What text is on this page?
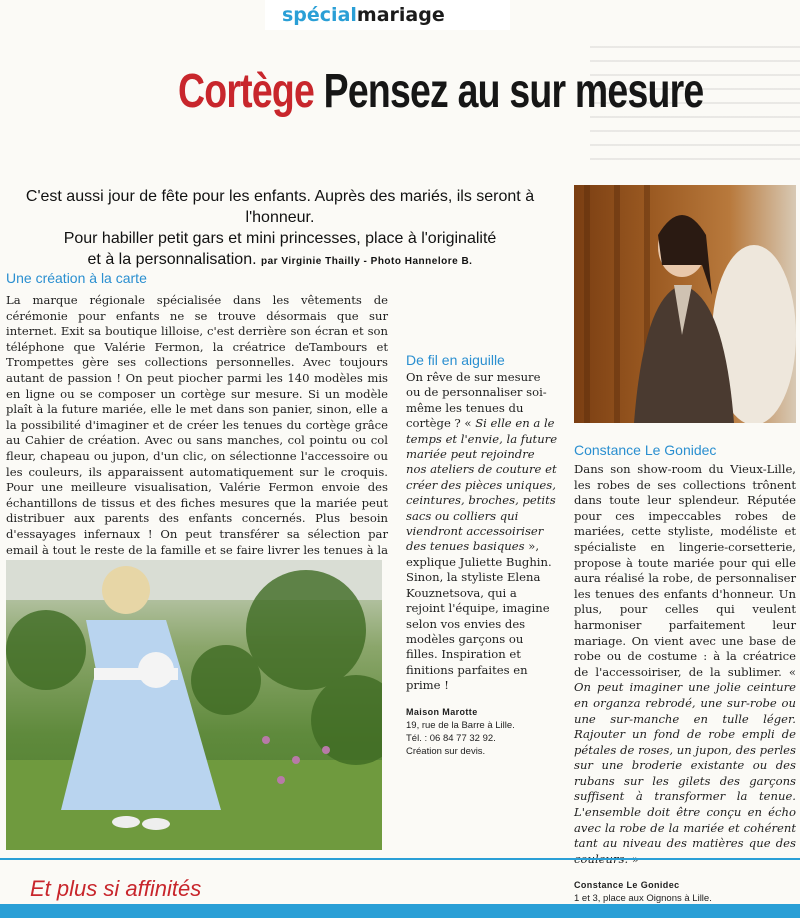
spécialmariage
Cortège Pensez au sur mesure
C'est aussi jour de fête pour les enfants. Auprès des mariés, ils seront à l'honneur.
Pour habiller petit gars et mini princesses, place à l'originalité
et à la personnalisation. par Virginie Thailly - Photo Hannelore B.
Une création à la carte

La marque régionale spécialisée dans les vêtements de cérémonie pour enfants ne se trouve désormais que sur internet. Exit sa boutique lilloise, c'est derrière son écran et son téléphone que Valérie Fermon, la créatrice deTambours et Trompettes gère ses collections personnelles. Avec toujours autant de passion ! On peut piocher parmi les 140 modèles mis en ligne ou se composer un cortège sur mesure. Si un modèle plaît à la future mariée, elle le met dans son panier, sinon, elle a la possibilité d'imaginer et de créer les tenues du cortège grâce au Cahier de création. Avec ou sans manches, col pointu ou col fleur, chapeau ou jupon, d'un clic, on sélectionne l'accessoire ou les couleurs, ils apparaissent automatiquement sur le croquis. Pour une meilleure visualisation, Valérie Fermon envoie des échantillons de tissus et des fiches mesures que la mariée peut distribuer aux parents des enfants concernés. Plus besoin d'essayages infernaux ! On peut transférer sa sélection par email à tout le reste de la famille et se faire livrer les tenues à la

De fil en aiguille

On rêve de sur mesure ou de personnaliser soi-même les tenues du cortège ? « Si elle en a le temps et l'envie, la future mariée peut rejoindre nos ateliers de couture et créer des pièces uniques, ceintures, broches, petits sacs ou colliers qui viendront accessoiriser des tenues basiques », explique Juliette Bughin. Sinon, la styliste Elena Kouznetsova, qui a rejoint l'équipe, imagine selon vos envies des modèles garçons ou filles. Inspiration et finitions parfaites en prime !

Maison Marotte
19, rue de la Barre à Lille.
Tél. : 06 84 77 32 92.
Création sur devis.
Constance Le Gonidec

Dans son show-room du Vieux-Lille, les robes de ses collections trônent dans toute leur splendeur. Réputée pour ces impeccables robes de mariées, cette styliste, modéliste et spécialiste en lingerie-corsetterie, propose à toute mariée pour qui elle aura réalisé la robe, de personnaliser les tenues des enfants d'honneur. Un plus, pour celles qui veulent harmoniser parfaitement leur mariage. On vient avec une base de robe ou de costume : à la créatrice de l'accessoiriser, de la sublimer. « On peut imaginer une jolie ceinture en organza rebrodé, une sur-robe ou une sur-manche en tulle léger. Rajouter un fond de robe empli de pétales de roses, un jupon, des perles sur une broderie existante ou des rubans sur les gilets des garçons suffisent à transformer la tenue. L'ensemble doit être conçu en écho avec la robe de la mariée et cohérent tant au niveau des matières que des

Constance Le Gonidec
1 et 3, place aux Oignons à Lille.
Et plus si affinités
